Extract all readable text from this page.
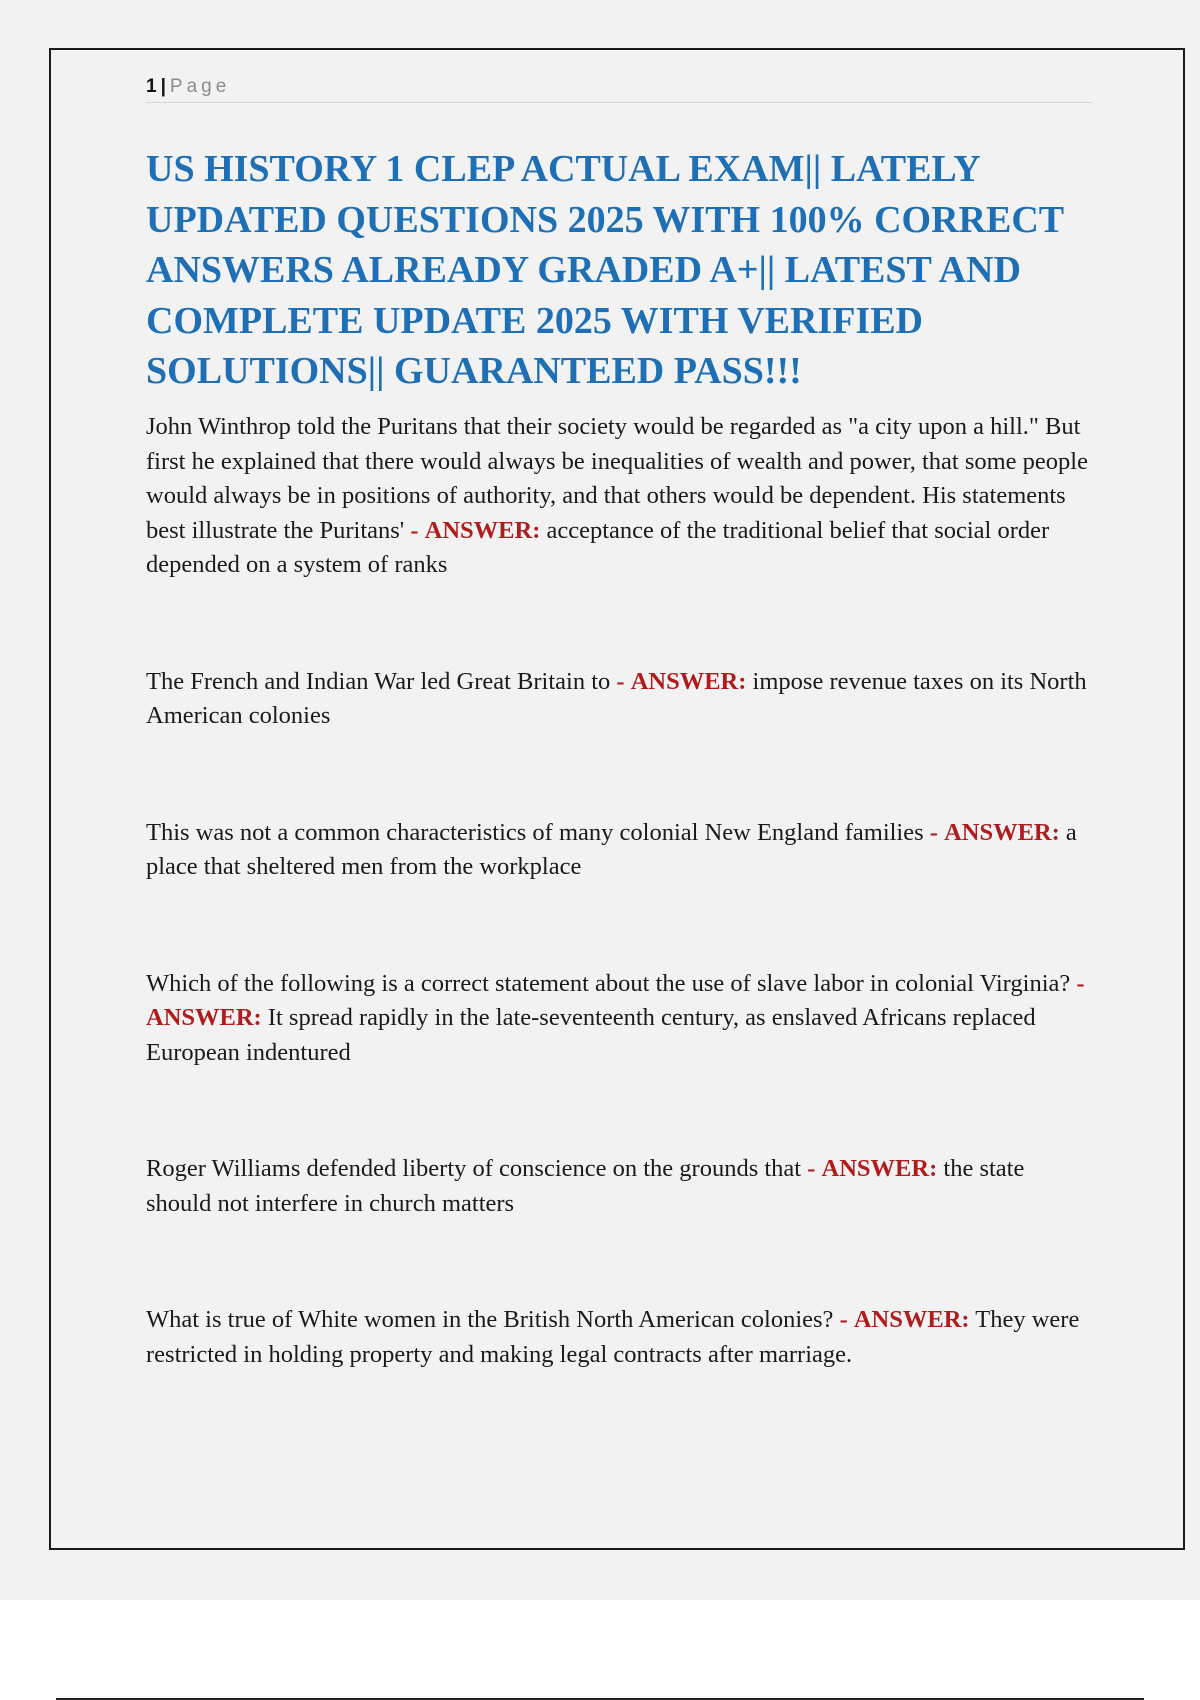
1 | Page
US HISTORY 1 CLEP ACTUAL EXAM|| LATELY UPDATED QUESTIONS 2025 WITH 100% CORRECT ANSWERS ALREADY GRADED A+|| LATEST AND COMPLETE UPDATE 2025 WITH VERIFIED SOLUTIONS|| GUARANTEED PASS!!!

John Winthrop told the Puritans that their society would be regarded as "a city upon a hill." But first he explained that there would always be inequalities of wealth and power, that some people would always be in positions of authority, and that others would be dependent. His statements best illustrate the Puritans' - ANSWER: acceptance of the traditional belief that social order depended on a system of ranks

The French and Indian War led Great Britain to - ANSWER: impose revenue taxes on its North American colonies

This was not a common characteristics of many colonial New England families - ANSWER: a place that sheltered men from the workplace

Which of the following is a correct statement about the use of slave labor in colonial Virginia? - ANSWER: It spread rapidly in the late-seventeenth century, as enslaved Africans replaced European indentured

Roger Williams defended liberty of conscience on the grounds that - ANSWER: the state should not interfere in church matters

What is true of White women in the British North American colonies? - ANSWER: They were restricted in holding property and making legal contracts after marriage.
